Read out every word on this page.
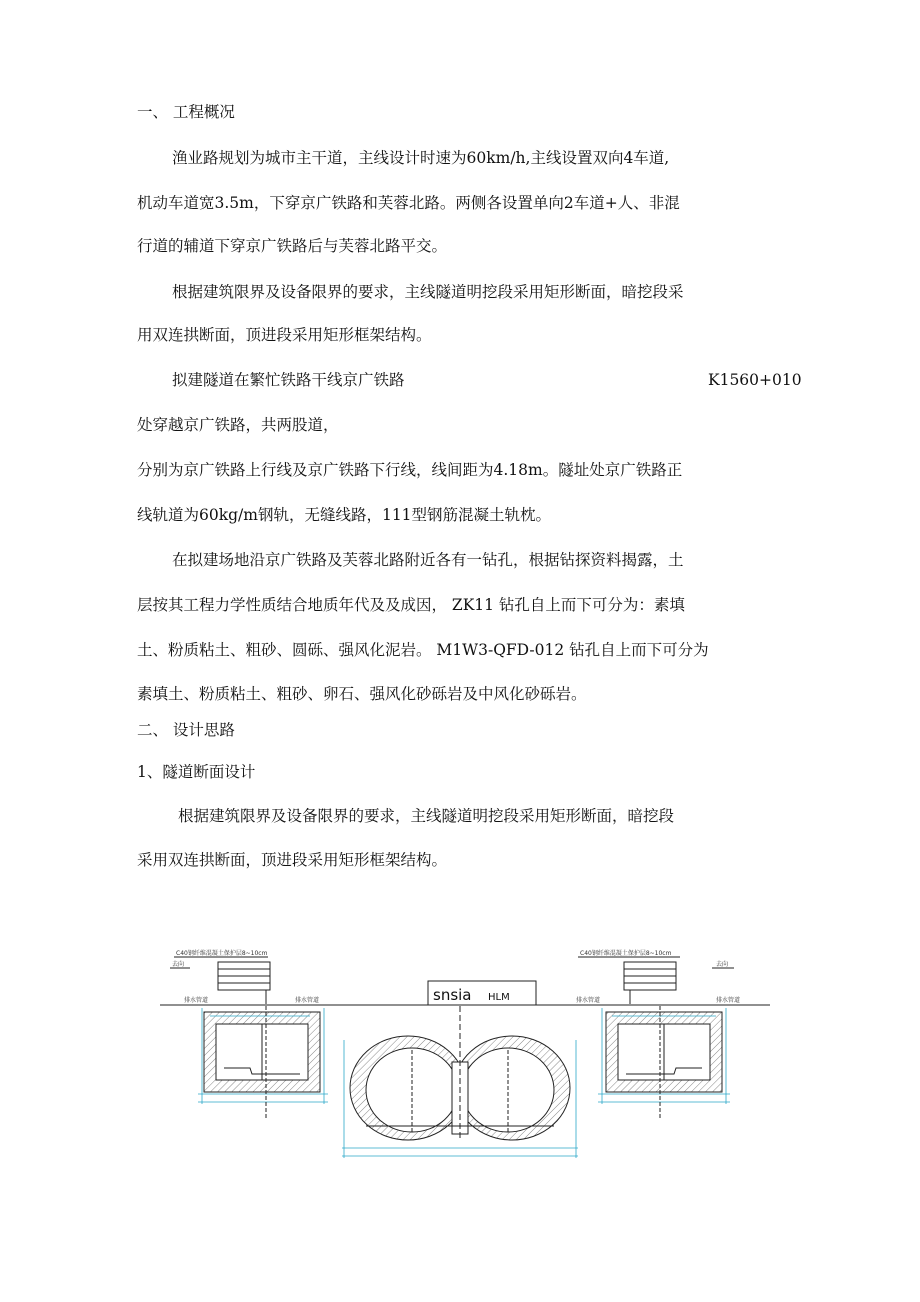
一、 工程概况
渔业路规划为城市主干道，主线设计时速为60km/h,主线设置双向4车道,
机动车道宽3.5m，下穿京广铁路和芙蓉北路。两侧各设置单向2车道+人、非混
行道的辅道下穿京广铁路后与芙蓉北路平交。
根据建筑限界及设备限界的要求，主线隧道明挖段采用矩形断面，暗挖段采
用双连拱断面，顶进段采用矩形框架结构。
拟建隧道在繁忙铁路干线京广铁路	K1560+010
处穿越京广铁路，共两股道，
分别为京广铁路上行线及京广铁路下行线，线间距为4.18m。隧址处京广铁路正
线轨道为60kg/m钢轨，无缝线路，111型钢筋混凝土轨枕。
在拟建场地沿京广铁路及芙蓉北路附近各有一钻孔，根据钻探资料揭露，土
层按其工程力学性质结合地质年代及及成因， ZK11 钻孔自上而下可分为：素填
土、粉质粘土、粗砂、圆砾、强风化泥岩。 M1W3-QFD-012 钻孔自上而下可分为
素填土、粉质粘土、粗砂、卵石、强风化砂砾岩及中风化砂砾岩。
二、 设计思路
1、隧道断面设计
根据建筑限界及设备限界的要求，主线隧道明挖段采用矩形断面，暗挖段
采用双连拱断面，顶进段采用矩形框架结构。
C40钢纤维混凝土保护层8~10cm
去向
C40钢纤维混凝土保护层8~10cm
去向
snsia HLM
排水管道	排水管道	排水管道	排水管道
